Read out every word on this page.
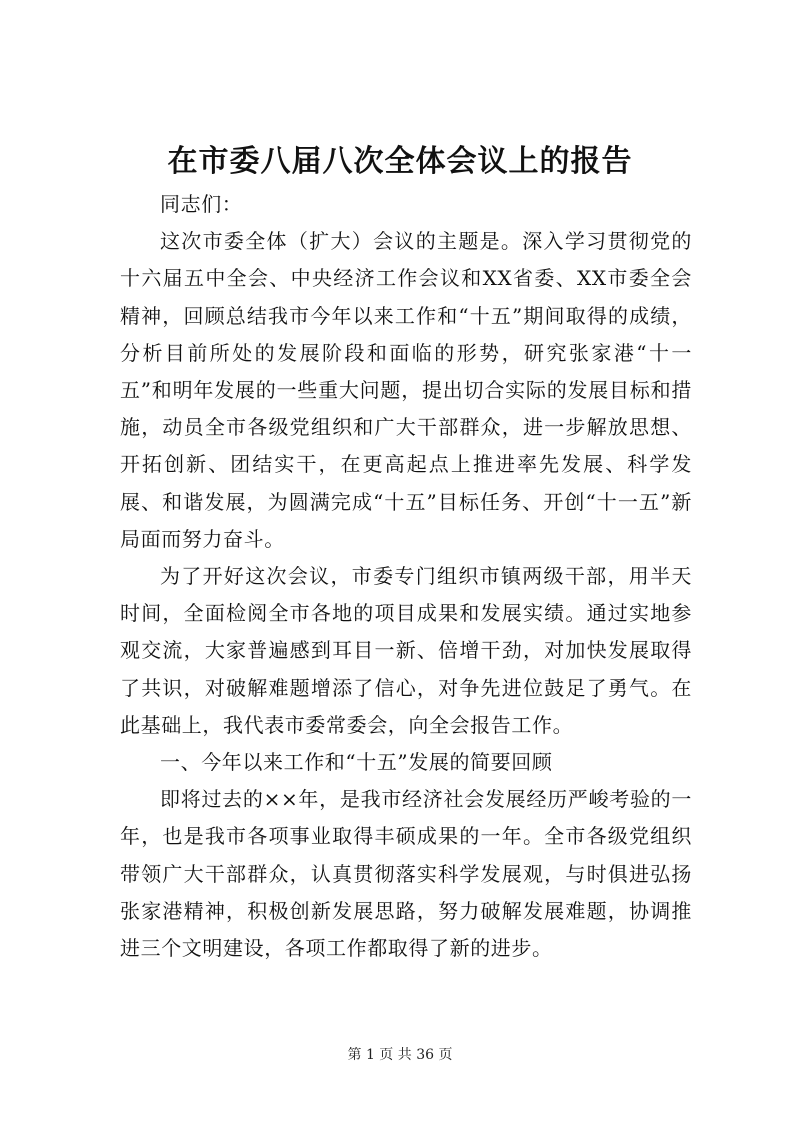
在市委八届八次全体会议上的报告

同志们：

这次市委全体（扩大）会议的主题是。深入学习贯彻党的十六届五中全会、中央经济工作会议和XX省委、XX市委全会精神，回顾总结我市今年以来工作和“十五”期间取得的成绩，分析目前所处的发展阶段和面临的形势，研究张家港“十一五”和明年发展的一些重大问题，提出切合实际的发展目标和措施，动员全市各级党组织和广大干部群众，进一步解放思想、开拓创新、团结实干，在更高起点上推进率先发展、科学发展、和谐发展，为圆满完成“十五”目标任务、开创“十一五”新局面而努力奋斗。

为了开好这次会议，市委专门组织市镇两级干部，用半天时间，全面检阅全市各地的项目成果和发展实绩。通过实地参观交流，大家普遍感到耳目一新、倍增干劲，对加快发展取得了共识，对破解难题增添了信心，对争先进位鼓足了勇气。在此基础上，我代表市委常委会，向全会报告工作。

一、今年以来工作和“十五”发展的简要回顾

即将过去的××年，是我市经济社会发展经历严峻考验的一年，也是我市各项事业取得丰硕成果的一年。全市各级党组织带领广大干部群众，认真贯彻落实科学发展观，与时俱进弘扬张家港精神，积极创新发展思路，努力破解发展难题，协调推进三个文明建设，各项工作都取得了新的进步。

第 1 页 共 36 页
